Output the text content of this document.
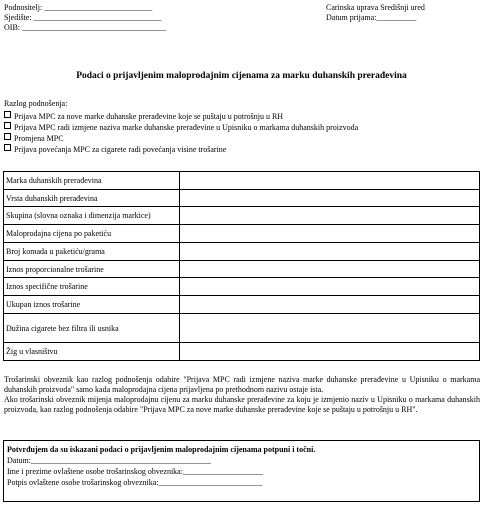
Podnositelj: ___________________________
Sjedište: ________________________________
OIB: ____________________________________
Carinska uprava Središnji ured
Datum prijama:__________
Podaci o prijavljenim maloprodajnim cijenama za marku duhanskih prerađevina
Razlog podnošenja:
Prijava MPC za nove marke duhanske prerađevine koje se puštaju u potrošnju u RH
Prijava MPC radi izmjene naziva marke duhanske prerađevine u Upisniku o markama duhanskih proizvoda
Promjena MPC
Prijava povećanja MPC za cigarete radi povećanja visine trošarine
Marka duhanskih prerađevina	
Vrsta duhanskih prerađevina	
Skupina (slovna oznaka i dimenzija markice)	
Maloprodajna cijena po paketiću	
Broj komada u paketiću/grama	
Iznos proporcionalne trošarine	
Iznos specifične trošarine	
Ukupan iznos trošarine	
Dužina cigarete bez filtra ili usnika	
Žig u vlasništvu	

Trošarinski obveznik kao razlog podnošenja odabire "Prijava MPC radi izmjene naziva marke duhanske prerađevine u Upisniku o markama duhanskih proizvoda" samo kada maloprodajna cijena prijavljena po prethodnom nazivu ostaje ista.

Ako trošarinski obveznik mijenja maloprodajnu cijenu za marku duhanske prerađevine za koju je izmjenio naziv u Upisniku o markama duhanskih proizvoda, kao razlog podnošenja odabire "Prijava MPC za nove marke duhanske prerađevine koje se puštaju u potrošnju u RH".

Potvrđujem da su iskazani podaci o prijavljenim maloprodajnim cijenama potpuni i točni.
Datum:_____________________________________________
Ime i prezime ovlaštene osobe trošarinskog obveznika:____________________
Potpis ovlaštene osobe trošarinskog obveznika:__________________________
